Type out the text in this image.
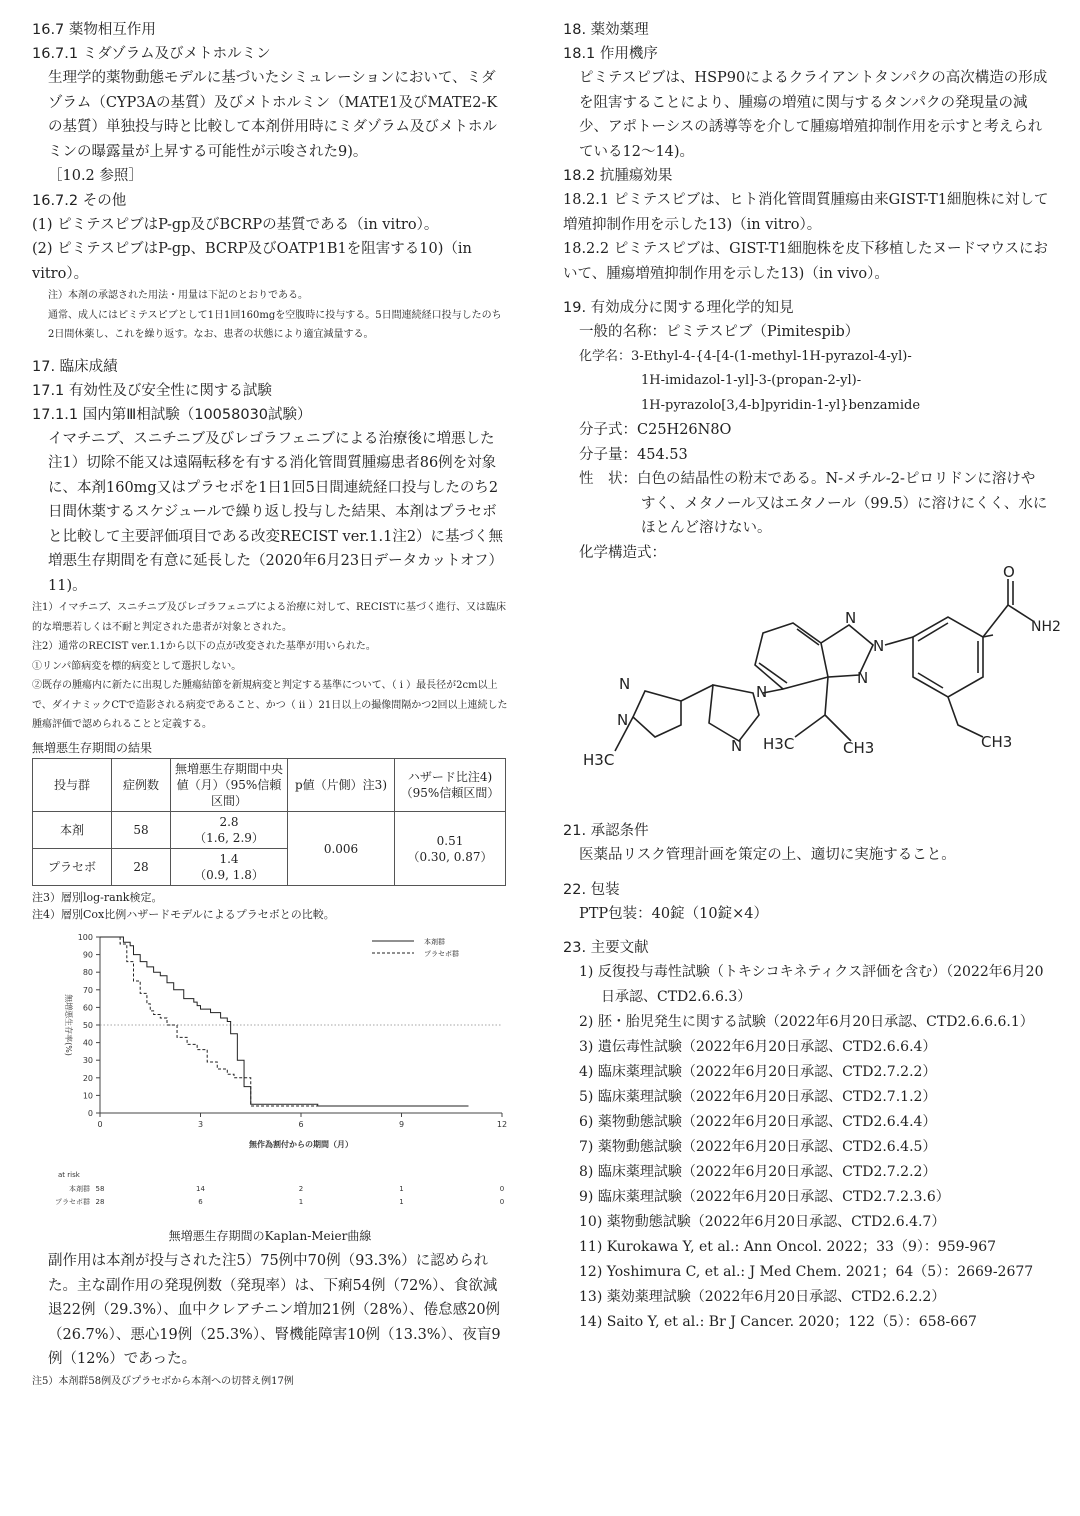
16.7 薬物相互作用

16.7.1 ミダゾラム及びメトホルミン

生理学的薬物動態モデルに基づいたシミュレーションにおいて、ミダゾラム（CYP3Aの基質）及びメトホルミン（MATE1及びMATE2-Kの基質）単独投与時と比較して本剤併用時にミダゾラム及びメトホルミンの曝露量が上昇する可能性が示唆された9)。

［10.2 参照］

16.7.2 その他

(1) ピミテスピブはP-gp及びBCRPの基質である（in vitro）。

(2) ピミテスピブはP-gp、BCRP及びOATP1B1を阻害する10)（in vitro）。

注）本剤の承認された用法・用量は下記のとおりである。

通常、成人にはピミテスピブとして1日1回160mgを空腹時に投与する。5日間連続経口投与したのち2日間休薬し、これを繰り返す。なお、患者の状態により適宜減量する。

17. 臨床成績

17.1 有効性及び安全性に関する試験

17.1.1 国内第Ⅲ相試験（10058030試験）

イマチニブ、スニチニブ及びレゴラフェニブによる治療後に増悪した注1）切除不能又は遠隔転移を有する消化管間質腫瘍患者86例を対象に、本剤160mg又はプラセボを1日1回5日間連続経口投与したのち2日間休薬するスケジュールで繰り返し投与した結果、本剤はプラセボと比較して主要評価項目である改変RECIST ver.1.1注2）に基づく無増悪生存期間を有意に延長した（2020年6月23日データカットオフ）11)。

注1）イマチニブ、スニチニブ及びレゴラフェニブによる治療に対して、RECISTに基づく進行、又は臨床的な増悪若しくは不耐と判定された患者が対象とされた。

注2）通常のRECIST ver.1.1から以下の点が改変された基準が用いられた。

①リンパ節病変を標的病変として選択しない。

②既存の腫瘍内に新たに出現した腫瘍結節を新規病変と判定する基準について、（ i ）最長径が2cm以上で、ダイナミックCTで造影される病変であること、かつ（ ii ）21日以上の撮像間隔かつ2回以上連続した腫瘍評価で認められることと定義する。

無増悪生存期間の結果

投与群	症例数	無増悪生存期間中央値（月）（95%信頼区間）	p値（片側）注3)	ハザード比注4)（95%信頼区間）
本剤	58	2.8
（1.6, 2.9）	0.006	0.51
（0.30, 0.87）
プラセボ	28	1.4
（0.9, 1.8）		

注3）層別log-rank検定。

注4）層別Cox比例ハザードモデルによるプラセボとの比較。

0
10
20
30
40
50
60
70
80
90
100
0	3	6	9	12
無増悪生存率(%)
無作為割付からの期間（月）
本剤群
プラセボ群
at risk
本剤群 58	14	2	1	0
プラセボ群 28	6	1	1	0

無増悪生存期間のKaplan-Meier曲線

副作用は本剤が投与された注5）75例中70例（93.3%）に認められた。主な副作用の発現例数（発現率）は、下痢54例（72%）、食欲減退22例（29.3%）、血中クレアチニン増加21例（28%）、倦怠感20例（26.7%）、悪心19例（25.3%）、腎機能障害10例（13.3%）、夜盲9例（12%）であった。

注5）本剤群58例及びプラセボから本剤への切替え例17例

18. 薬効薬理

18.1 作用機序

ピミテスピブは、HSP90によるクライアントタンパクの高次構造の形成を阻害することにより、腫瘍の増殖に関与するタンパクの発現量の減少、アポトーシスの誘導等を介して腫瘍増殖抑制作用を示すと考えられている12〜14)。

18.2 抗腫瘍効果

18.2.1 ピミテスピブは、ヒト消化管間質腫瘍由来GIST-T1細胞株に対して増殖抑制作用を示した13)（in vitro）。

18.2.2 ピミテスピブは、GIST-T1細胞株を皮下移植したヌードマウスにおいて、腫瘍増殖抑制作用を示した13)（in vivo）。

19. 有効成分に関する理化学的知見

一般的名称：ピミテスピブ（Pimitespib）

化学名：3-Ethyl-4-{4-[4-(1-methyl-1H-pyrazol-4-yl)-

1H-imidazol-1-yl]-3-(propan-2-yl)-

1H-pyrazolo[3,4-b]pyridin-1-yl}benzamide

分子式：C25H26N8O

分子量：454.53

性　状：白色の結晶性の粉末である。N-メチル-2-ピロリドンに溶けやすく、メタノール又はエタノール（99.5）に溶けにくく、水にほとんど溶けない。

化学構造式：

O
NH2
N
N
N
N
N
N
N
CH3
H3C	CH3
H3C

21. 承認条件

医薬品リスク管理計画を策定の上、適切に実施すること。

22. 包装

PTP包装：40錠（10錠×4）

23. 主要文献

1) 反復投与毒性試験（トキシコキネティクス評価を含む）（2022年6月20日承認、CTD2.6.6.3）

2) 胚・胎児発生に関する試験（2022年6月20日承認、CTD2.6.6.6.1）

3) 遺伝毒性試験（2022年6月20日承認、CTD2.6.6.4）

4) 臨床薬理試験（2022年6月20日承認、CTD2.7.2.2）

5) 臨床薬理試験（2022年6月20日承認、CTD2.7.1.2）

6) 薬物動態試験（2022年6月20日承認、CTD2.6.4.4）

7) 薬物動態試験（2022年6月20日承認、CTD2.6.4.5）

8) 臨床薬理試験（2022年6月20日承認、CTD2.7.2.2）

9) 臨床薬理試験（2022年6月20日承認、CTD2.7.2.3.6）

10) 薬物動態試験（2022年6月20日承認、CTD2.6.4.7）

11) Kurokawa Y, et al.: Ann Oncol. 2022；33（9）：959-967

12) Yoshimura C, et al.: J Med Chem. 2021；64（5）：2669-2677

13) 薬効薬理試験（2022年6月20日承認、CTD2.6.2.2）

14) Saito Y, et al.: Br J Cancer. 2020；122（5）：658-667
